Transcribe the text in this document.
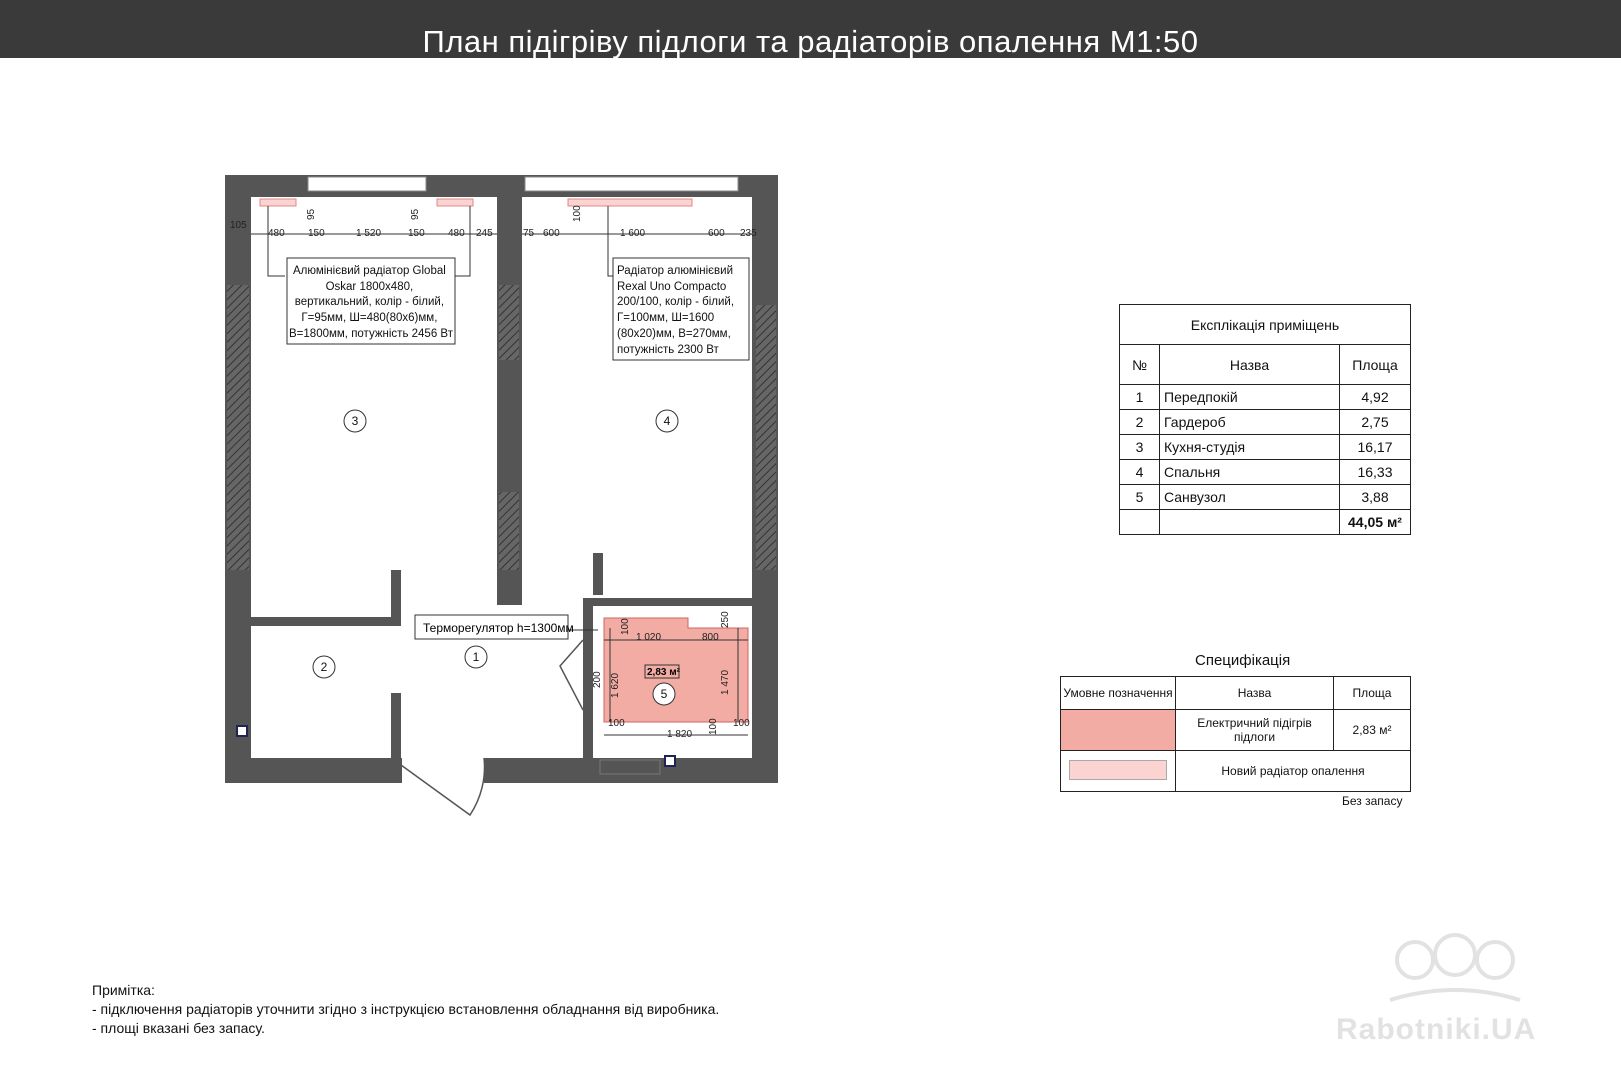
План підігріву підлоги та радіаторів опалення М1:50
105
480 150	1 520	150 480 245	75 600	1 600	600 235
95	95	100
100	250
1 020	800
200 1 620	1 470
100	100 100
1 820
Алюмінієвий радіатор Global Oskar 1800x480, вертикальний, колір - білий, Г=95мм, Ш=480(80x6)мм, В=1800мм, потужність 2456 Вт
Радіатор алюмінієвий Rexal Uno Compacto 200/100, колір - білий, Г=100мм, Ш=1600 (80x20)мм, В=270мм, потужність 2300 Вт
Терморегулятор h=1300мм
2,83 м²
1
2
3	4
5
Експлікація приміщень		
№	Назва	Площа
1	Передпокій	4,92
2	Гардероб	2,75
3	Кухня-студія	16,17
4	Спальня	16,33
5	Санвузол	3,88
		44,05 м²
Специфікація
Умовне позначення	Назва	Площа
	Електричний підігрів підлоги	2,83 м²
	Новий радіатор опалення	
Без запасу
Примітка:
- підключення радіаторів уточнити згідно з інструкцією встановлення обладнання від виробника.
- площі вказані без запасу.	Rabotniki.UA
